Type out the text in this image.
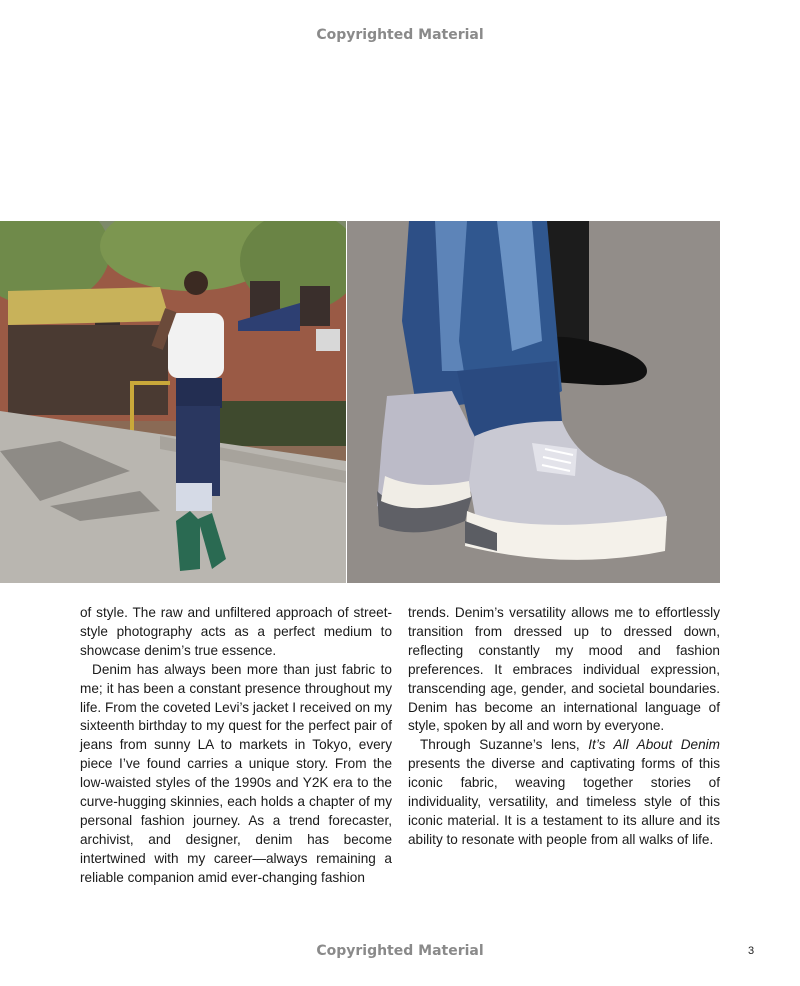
Copyrighted Material

of style. The raw and unfiltered approach of street-style photography acts as a perfect medium to showcase denim’s true essence.

Denim has always been more than just fabric to me; it has been a constant presence throughout my life. From the coveted Levi’s jacket I received on my sixteenth birthday to my quest for the perfect pair of jeans from sunny LA to markets in Tokyo, every piece I’ve found carries a unique story. From the low-waisted styles of the 1990s and Y2K era to the curve-hugging skinnies, each holds a chapter of my personal fashion journey. As a trend forecaster, archivist, and designer, denim has become intertwined with my career—always remaining a reliable companion amid ever-changing fashion

trends. Denim’s versatility allows me to effortlessly transition from dressed up to dressed down, reflecting constantly my mood and fashion preferences. It embraces individual expression, transcending age, gender, and societal boundaries. Denim has become an international language of style, spoken by all and worn by everyone.

Through Suzanne’s lens, It’s All About Denim presents the diverse and captivating forms of this iconic fabric, weaving together stories of individuality, versatility, and timeless style of this iconic material. It is a testament to its allure and its ability to resonate with people from all walks of life.

Copyrighted Material	3
